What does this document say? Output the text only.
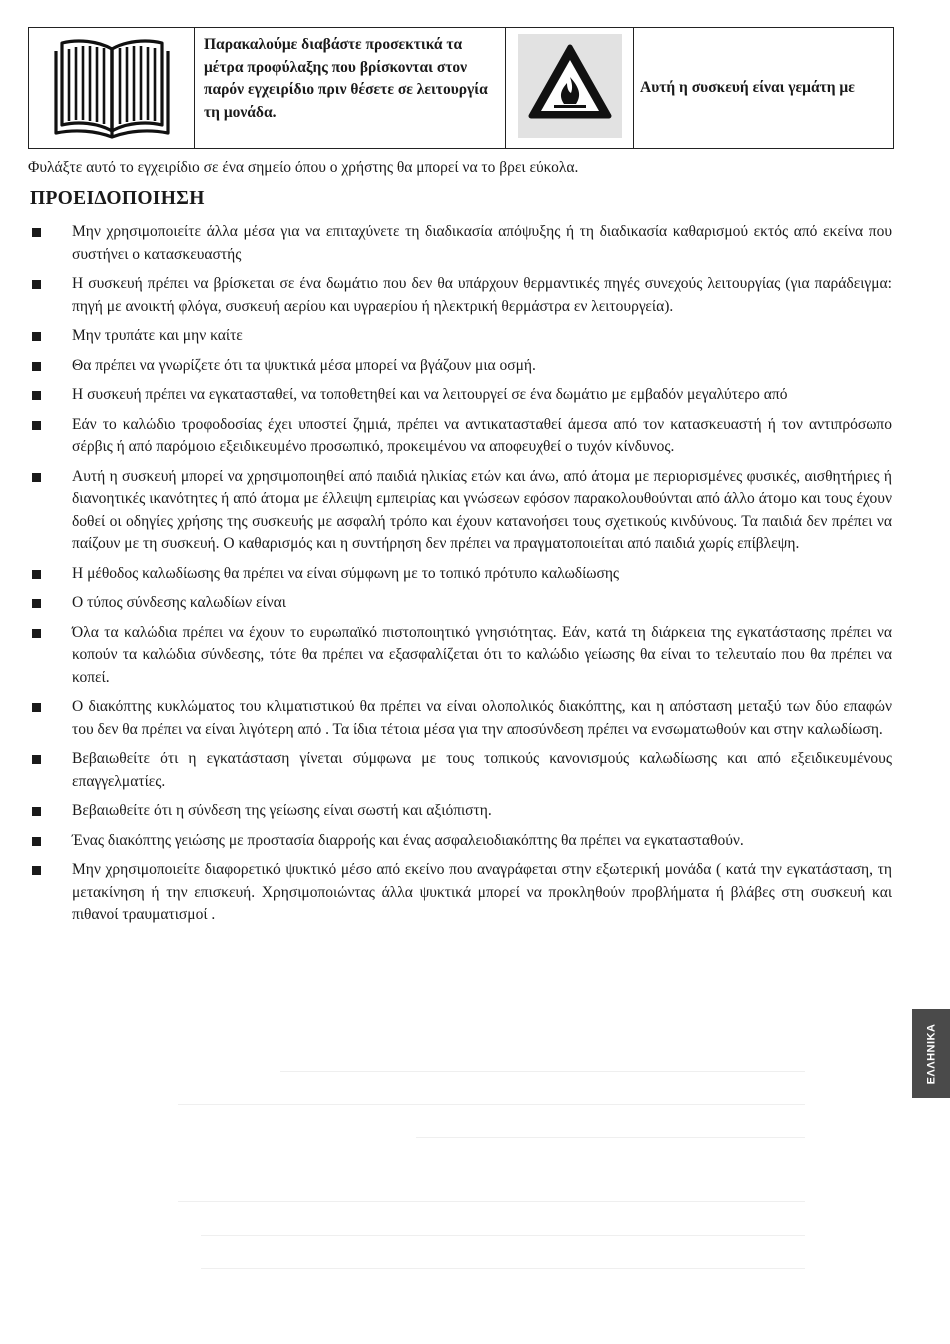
Παρακαλούμε διαβάστε προσεκτικά τα μέτρα προφύλαξης που βρίσκονται στον παρόν εγχειρίδιο πριν θέσετε σε λειτουργία τη μονάδα.

Αυτή η συσκευή είναι γεμάτη με
Φυλάξτε αυτό το εγχειρίδιο σε ένα σημείο όπου ο χρήστης θα μπορεί να το βρει εύκολα.
ΠΡΟΕΙΔΟΠΟΙΗΣΗ
Μην χρησιμοποιείτε άλλα μέσα για να επιταχύνετε τη διαδικασία απόψυξης ή τη διαδικασία καθαρισμού εκτός από εκείνα που συστήνει ο κατασκευαστής
Η συσκευή πρέπει να βρίσκεται σε ένα δωμάτιο που δεν θα υπάρχουν θερμαντικές πηγές συνεχούς λειτουργίας (για παράδειγμα: πηγή με ανοικτή φλόγα, συσκευή αερίου και υγραερίου ή ηλεκτρική θερμάστρα εν λειτουργεία).
Μην τρυπάτε και μην καίτε
Θα πρέπει να γνωρίζετε ότι τα ψυκτικά μέσα μπορεί να βγάζουν μια οσμή.
Η συσκευή πρέπει να εγκατασταθεί, να τοποθετηθεί και να λειτουργεί σε ένα δωμάτιο με εμβαδόν μεγαλύτερο από
Εάν το καλώδιο τροφοδοσίας έχει υποστεί ζημιά, πρέπει να αντικατασταθεί άμεσα από τον κατασκευαστή ή τον αντιπρόσωπο σέρβις ή από παρόμοιο εξειδικευμένο προσωπικό, προκειμένου να αποφευχθεί ο τυχόν κίνδυνος.
Αυτή η συσκευή μπορεί να χρησιμοποιηθεί από παιδιά ηλικίας ετών και άνω, από άτομα με περιορισμένες φυσικές, αισθητήριες ή διανοητικές ικανότητες ή από άτομα με έλλειψη εμπειρίας και γνώσεων εφόσον παρακολουθούνται από άλλο άτομο και τους έχουν δοθεί οι οδηγίες χρήσης της συσκευής με ασφαλή τρόπο και έχουν κατανοήσει τους σχετικούς κινδύνους. Τα παιδιά δεν πρέπει να παίζουν με τη συσκευή. Ο καθαρισμός και η συντήρηση δεν πρέπει να πραγματοποιείται από παιδιά χωρίς επίβλεψη.
Η μέθοδος καλωδίωσης θα πρέπει να είναι σύμφωνη με το τοπικό πρότυπο καλωδίωσης
Ο τύπος σύνδεσης καλωδίων είναι
Όλα τα καλώδια πρέπει να έχουν το ευρωπαϊκό πιστοποιητικό γνησιότητας. Εάν, κατά τη διάρκεια της εγκατάστασης πρέπει να κοπούν τα καλώδια σύνδεσης, τότε θα πρέπει να εξασφαλίζεται ότι το καλώδιο γείωσης θα είναι το τελευταίο που θα πρέπει να κοπεί.
Ο διακόπτης κυκλώματος του κλιματιστικού θα πρέπει να είναι ολοπολικός διακόπτης, και η απόσταση μεταξύ των δύο επαφών του δεν θα πρέπει να είναι λιγότερη από . Τα ίδια τέτοια μέσα για την αποσύνδεση πρέπει να ενσωματωθούν και στην καλωδίωση.
Βεβαιωθείτε ότι η εγκατάσταση γίνεται σύμφωνα με τους τοπικούς κανονισμούς καλωδίωσης και από εξειδικευμένους επαγγελματίες.
Βεβαιωθείτε ότι η σύνδεση της γείωσης είναι σωστή και αξιόπιστη.
Ένας διακόπτης γειώσης με προστασία διαρροής και ένας ασφαλειοδιακόπτης θα πρέπει να εγκατασταθούν.
Μην χρησιμοποιείτε διαφορετικό ψυκτικό μέσο από εκείνο που αναγράφεται στην εξωτερική μονάδα ( κατά την εγκατάσταση, τη μετακίνηση ή την επισκευή. Χρησιμοποιώντας άλλα ψυκτικά μπορεί να προκληθούν προβλήματα ή βλάβες στη συσκευή και πιθανοί τραυματισμοί .
ΕΛΛΗΝΙΚΑ
